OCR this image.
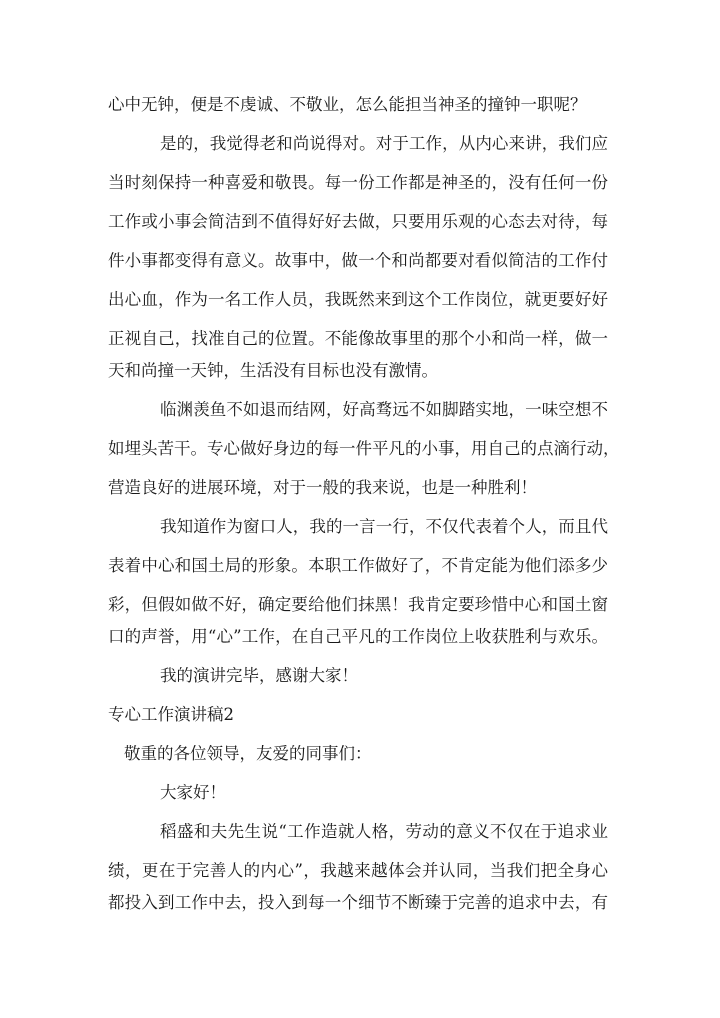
心中无钟，便是不虔诚、不敬业，怎么能担当神圣的撞钟一职呢？
是的，我觉得老和尚说得对。对于工作，从内心来讲，我们应
当时刻保持一种喜爱和敬畏。每一份工作都是神圣的，没有任何一份
工作或小事会简洁到不值得好好去做，只要用乐观的心态去对待，每
件小事都变得有意义。故事中，做一个和尚都要对看似简洁的工作付
出心血，作为一名工作人员，我既然来到这个工作岗位，就更要好好
正视自己，找准自己的位置。不能像故事里的那个小和尚一样，做一
天和尚撞一天钟，生活没有目标也没有激情。
临渊羡鱼不如退而结网，好高骛远不如脚踏实地，一味空想不
如埋头苦干。专心做好身边的每一件平凡的小事，用自己的点滴行动，
营造良好的进展环境，对于一般的我来说，也是一种胜利！
我知道作为窗口人，我的一言一行，不仅代表着个人，而且代
表着中心和国土局的形象。本职工作做好了，不肯定能为他们添多少
彩，但假如做不好，确定要给他们抹黑！我肯定要珍惜中心和国土窗
口的声誉，用“心”工作，在自己平凡的工作岗位上收获胜利与欢乐。
我的演讲完毕，感谢大家！
专心工作演讲稿2
敬重的各位领导，友爱的同事们：
大家好！
稻盛和夫先生说“工作造就人格，劳动的意义不仅在于追求业
绩，更在于完善人的内心”，我越来越体会并认同，当我们把全身心
都投入到工作中去，投入到每一个细节不断臻于完善的追求中去，有
